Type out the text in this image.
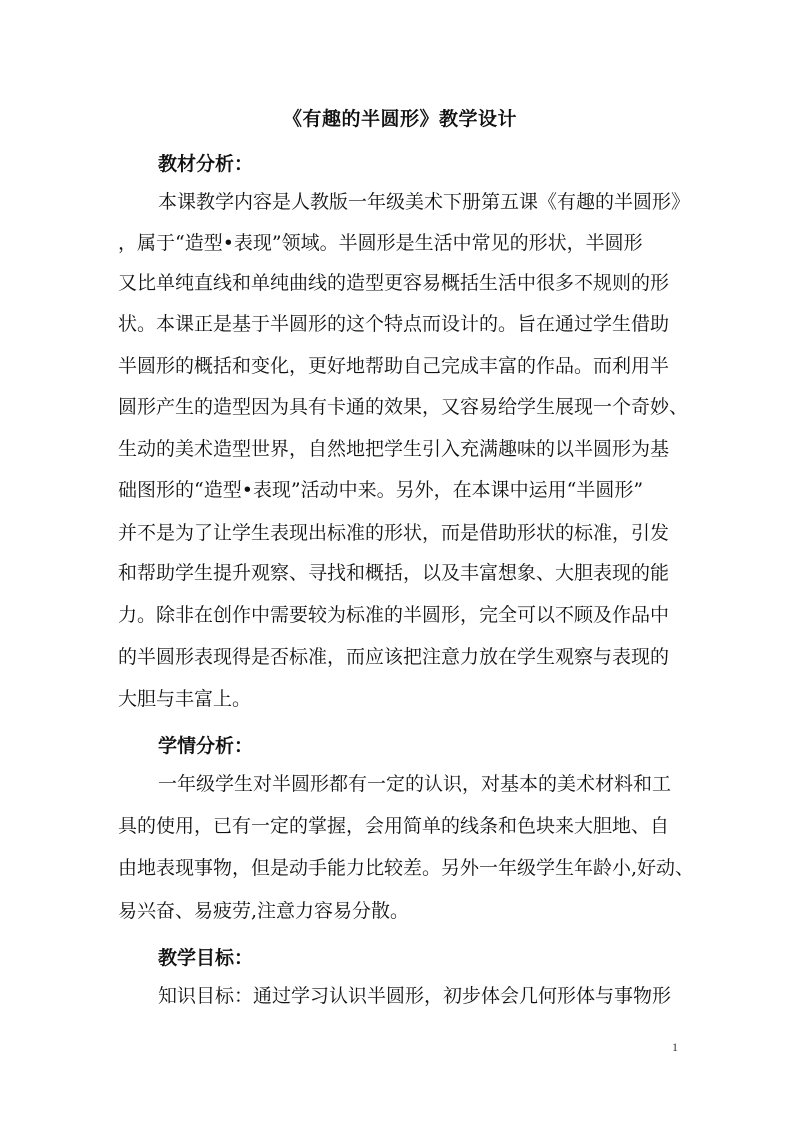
《有趣的半圆形》教学设计
教材分析：
本课教学内容是人教版一年级美术下册第五课《有趣的半圆形》
，属于“造型•表现”领域。半圆形是生活中常见的形状，半圆形
又比单纯直线和单纯曲线的造型更容易概括生活中很多不规则的形
状。本课正是基于半圆形的这个特点而设计的。旨在通过学生借助
半圆形的概括和变化，更好地帮助自己完成丰富的作品。而利用半
圆形产生的造型因为具有卡通的效果，又容易给学生展现一个奇妙、
生动的美术造型世界，自然地把学生引入充满趣味的以半圆形为基
础图形的“造型•表现”活动中来。另外，在本课中运用“半圆形”
并不是为了让学生表现出标准的形状，而是借助形状的标准，引发
和帮助学生提升观察、寻找和概括，以及丰富想象、大胆表现的能
力。除非在创作中需要较为标准的半圆形，完全可以不顾及作品中
的半圆形表现得是否标准，而应该把注意力放在学生观察与表现的
大胆与丰富上。
学情分析：
一年级学生对半圆形都有一定的认识，对基本的美术材料和工
具的使用，已有一定的掌握，会用简单的线条和色块来大胆地、自
由地表现事物，但是动手能力比较差。另外一年级学生年龄小,好动、
易兴奋、易疲劳,注意力容易分散。
教学目标：
知识目标：通过学习认识半圆形，初步体会几何形体与事物形
1
